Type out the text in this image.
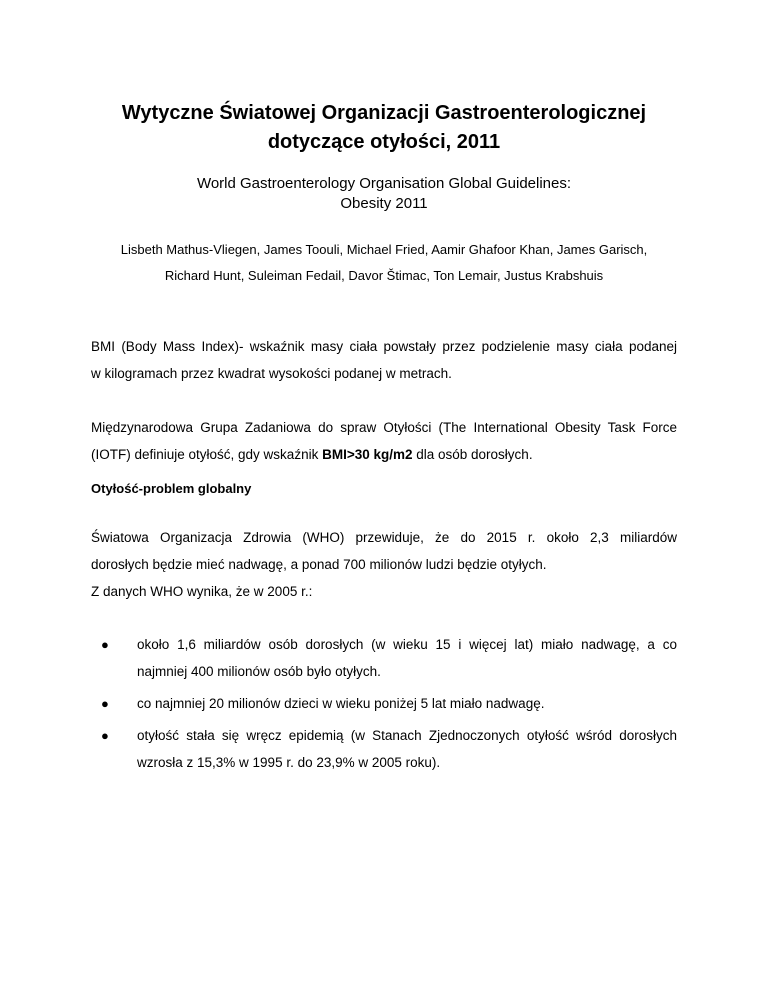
Wytyczne Światowej Organizacji Gastroenterologicznej
dotyczące otyłości, 2011
World Gastroenterology Organisation Global Guidelines:
Obesity 2011
Lisbeth Mathus-Vliegen, James Toouli, Michael Fried, Aamir Ghafoor Khan, James Garisch,
Richard Hunt, Suleiman Fedail, Davor Štimac, Ton Lemair, Justus Krabshuis

BMI (Body Mass Index)- wskaźnik masy ciała powstały przez podzielenie masy ciała podanej
w kilogramach przez kwadrat wysokości podanej w metrach.

Międzynarodowa Grupa Zadaniowa do spraw Otyłości (The International Obesity Task Force
(IOTF) definiuje otyłość, gdy wskaźnik BMI>30 kg/m2 dla osób dorosłych.

Otyłość-problem globalny

Światowa Organizacja Zdrowia (WHO) przewiduje, że do 2015 r. około 2,3 miliardów
dorosłych będzie mieć nadwagę, a ponad 700 milionów ludzi będzie otyłych.
Z danych WHO wynika, że w 2005 r.:

● około 1,6 miliardów osób dorosłych (w wieku 15 i więcej lat) miało nadwagę, a co
najmniej 400 milionów osób było otyłych.
● co najmniej 20 milionów dzieci w wieku poniżej 5 lat miało nadwagę.
● otyłość stała się wręcz epidemią (w Stanach Zjednoczonych otyłość wśród dorosłych
wzrosła z 15,3% w 1995 r. do 23,9% w 2005 roku).
